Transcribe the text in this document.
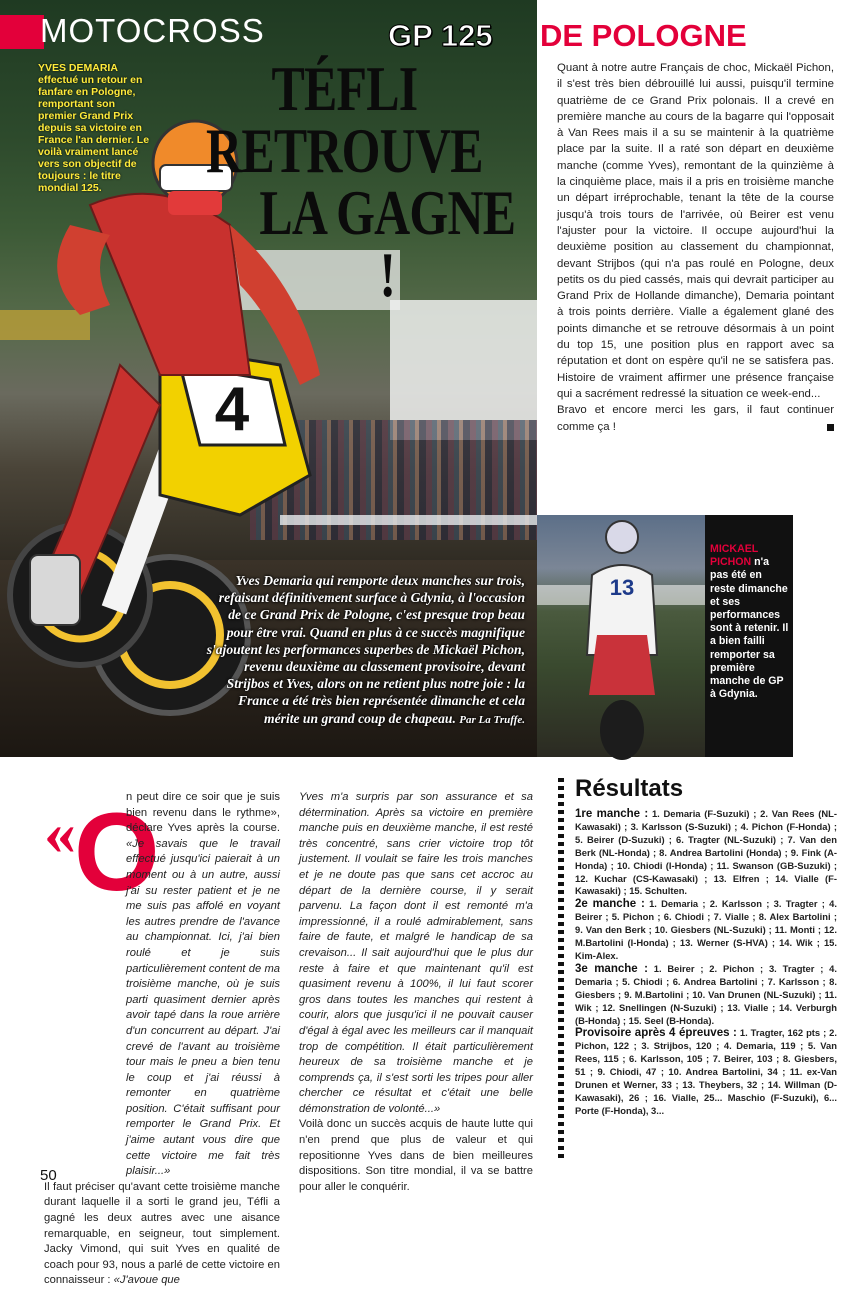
4
MOTOCROSS	GP 125 DE POLOGNE
YVES DEMARIA effectué un retour en fanfare en Pologne, remportant son premier Grand Prix depuis sa victoire en France l'an dernier. Le voilà vraiment lancé vers son objectif de toujours : le titre mondial 125.
TÉFLI RETROUVE
LA GAGNE !
Yves Demaria qui remporte deux manches sur trois, refaisant définitivement surface à Gdynia, à l'occasion de ce Grand Prix de Pologne, c'est presque trop beau pour être vrai. Quand en plus à ce succès magnifique s'ajoutent les performances superbes de Mickaël Pichon, revenu deuxième au classement provisoire, devant Strijbos et Yves, alors on ne retient plus notre joie : la France a été très bien représentée dimanche et cela mérite un grand coup de chapeau. Par La Truffe.
Quant à notre autre Français de choc, Mickaël Pichon, il s'est très bien débrouillé lui aussi, puisqu'il termine quatrième de ce Grand Prix polonais. Il a crevé en première manche au cours de la bagarre qui l'opposait à Van Rees mais il a su se maintenir à la quatrième place par la suite. Il a raté son départ en deuxième manche (comme Yves), remontant de la quinzième à la cinquième place, mais il a pris en troisième manche un départ irréprochable, tenant la tête de la course jusqu'à trois tours de l'arrivée, où Beirer est venu l'ajuster pour la victoire. Il occupe aujourd'hui la deuxième position au classement du championnat, devant Strijbos (qui n'a pas roulé en Pologne, deux petits os du pied cassés, mais qui devrait participer au Grand Prix de Hollande dimanche), Demaria pointant à trois points derrière. Vialle a également glané des points dimanche et se retrouve désormais à un point du top 15, une position plus en rapport avec sa réputation et dont on espère qu'il ne se satisfera pas. Histoire de vraiment affirmer une présence française qui a sacrément redressé la situation ce week-end...
Bravo et encore merci les gars, il faut continuer comme ça !
13
MICKAEL PICHON n'a pas été en reste dimanche et ses performances sont à retenir. Il a bien failli remporter sa première manche de GP à Gdynia.
«
O
n peut dire ce soir que je suis bien revenu dans le rythme», déclare Yves après la course. «Je savais que le travail effectué jusqu'ici paierait à un moment ou à un autre, aussi j'ai su rester patient et je ne me suis pas affolé en voyant les autres prendre de l'avance au championnat. Ici, j'ai bien roulé et je suis particulièrement content de ma troisième manche, où je suis parti quasiment dernier après avoir tapé dans la roue arrière d'un concurrent au départ. J'ai crevé de l'avant au troisième tour mais le pneu a bien tenu le coup et j'ai réussi à remonter en quatrième position. C'était suffisant pour remporter le Grand Prix. Et j'aime autant vous dire que cette victoire me fait très plaisir...»
Il faut préciser qu'avant cette troisième manche durant laquelle il a sorti le grand jeu, Téfli a gagné les deux autres avec une aisance remarquable, en seigneur, tout simplement. Jacky Vimond, qui suit Yves en qualité de coach pour 93, nous a parlé de cette victoire en connaisseur : «J'avoue que
Yves m'a surpris par son assurance et sa détermination. Après sa victoire en première manche puis en deuxième manche, il est resté très concentré, sans crier victoire trop tôt justement. Il voulait se faire les trois manches et je ne doute pas que sans cet accroc au départ de la dernière course, il y serait parvenu. La façon dont il est remonté m'a impressionné, il a roulé admirablement, sans faire de faute, et malgré le handicap de sa crevaison... Il sait aujourd'hui que le plus dur reste à faire et que maintenant qu'il est quasiment revenu à 100%, il lui faut scorer gros dans toutes les manches qui restent à courir, alors que jusqu'ici il ne pouvait causer d'égal à égal avec les meilleurs car il manquait trop de compétition. Il était particulièrement heureux de sa troisième manche et je comprends ça, il s'est sorti les tripes pour aller chercher ce résultat et c'était une belle démonstration de volonté...»
Voilà donc un succès acquis de haute lutte qui n'en prend que plus de valeur et qui repositionne Yves dans de bien meilleures dispositions. Son titre mondial, il va se battre pour aller le conquérir.
Résultats
1re manche : 1. Demaria (F-Suzuki) ; 2. Van Rees (NL-Kawasaki) ; 3. Karlsson (S-Suzuki) ; 4. Pichon (F-Honda) ; 5. Beirer (D-Suzuki) ; 6. Tragter (NL-Suzuki) ; 7. Van den Berk (NL-Honda) ; 8. Andrea Bartolini (Honda) ; 9. Fink (A-Honda) ; 10. Chiodi (I-Honda) ; 11. Swanson (GB-Suzuki) ; 12. Kuchar (CS-Kawasaki) ; 13. Elfren ; 14. Vialle (F-Kawasaki) ; 15. Schulten.
2e manche : 1. Demaria ; 2. Karlsson ; 3. Tragter ; 4. Beirer ; 5. Pichon ; 6. Chiodi ; 7. Vialle ; 8. Alex Bartolini ; 9. Van den Berk ; 10. Giesbers (NL-Suzuki) ; 11. Monti ; 12. M.Bartolini (I-Honda) ; 13. Werner (S-HVA) ; 14. Wik ; 15. Kim-Alex.
3e manche : 1. Beirer ; 2. Pichon ; 3. Tragter ; 4. Demaria ; 5. Chiodi ; 6. Andrea Bartolini ; 7. Karlsson ; 8. Giesbers ; 9. M.Bartolini ; 10. Van Drunen (NL-Suzuki) ; 11. Wik ; 12. Snellingen (N-Suzuki) ; 13. Vialle ; 14. Verburgh (B-Honda) ; 15. Seel (B-Honda).
Provisoire après 4 épreuves : 1. Tragter, 162 pts ; 2. Pichon, 122 ; 3. Strijbos, 120 ; 4. Demaria, 119 ; 5. Van Rees, 115 ; 6. Karlsson, 105 ; 7. Beirer, 103 ; 8. Giesbers, 51 ; 9. Chiodi, 47 ; 10. Andrea Bartolini, 34 ; 11. ex-Van Drunen et Werner, 33 ; 13. Theybers, 32 ; 14. Willman (D-Kawasaki), 26 ; 16. Vialle, 25... Maschio (F-Suzuki), 6... Porte (F-Honda), 3...
50
